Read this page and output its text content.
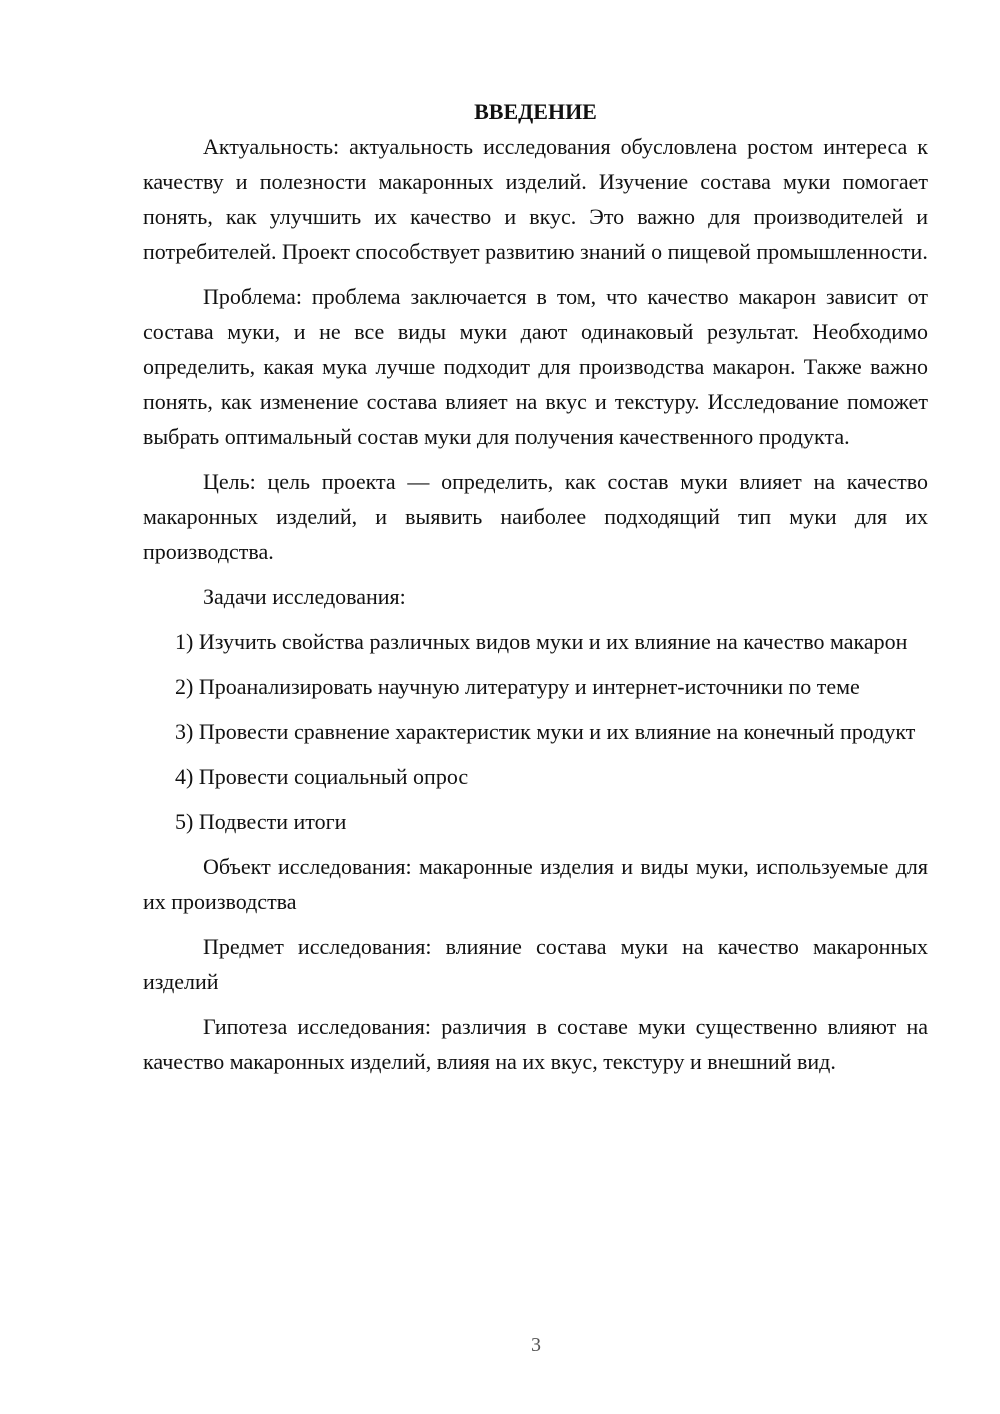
ВВЕДЕНИЕ

Актуальность: актуальность исследования обусловлена ростом интереса к качеству и полезности макаронных изделий. Изучение состава муки помогает понять, как улучшить их качество и вкус. Это важно для производителей и потребителей. Проект способствует развитию знаний о пищевой промышленности.

Проблема: проблема заключается в том, что качество макарон зависит от состава муки, и не все виды муки дают одинаковый результат. Необходимо определить, какая мука лучше подходит для производства макарон. Также важно понять, как изменение состава влияет на вкус и текстуру. Исследование поможет выбрать оптимальный состав муки для получения качественного продукта.

Цель: цель проекта — определить, как состав муки влияет на качество макаронных изделий, и выявить наиболее подходящий тип муки для их производства.

Задачи исследования:

1) Изучить свойства различных видов муки и их влияние на качество макарон
2) Проанализировать научную литературу и интернет-источники по теме
3) Провести сравнение характеристик муки и их влияние на конечный продукт
4) Провести социальный опрос
5) Подвести итоги

Объект исследования: макаронные изделия и виды муки, используемые для их производства

Предмет исследования: влияние состава муки на качество макаронных изделий

Гипотеза исследования: различия в составе муки существенно влияют на качество макаронных изделий, влияя на их вкус, текстуру и внешний вид.

3
